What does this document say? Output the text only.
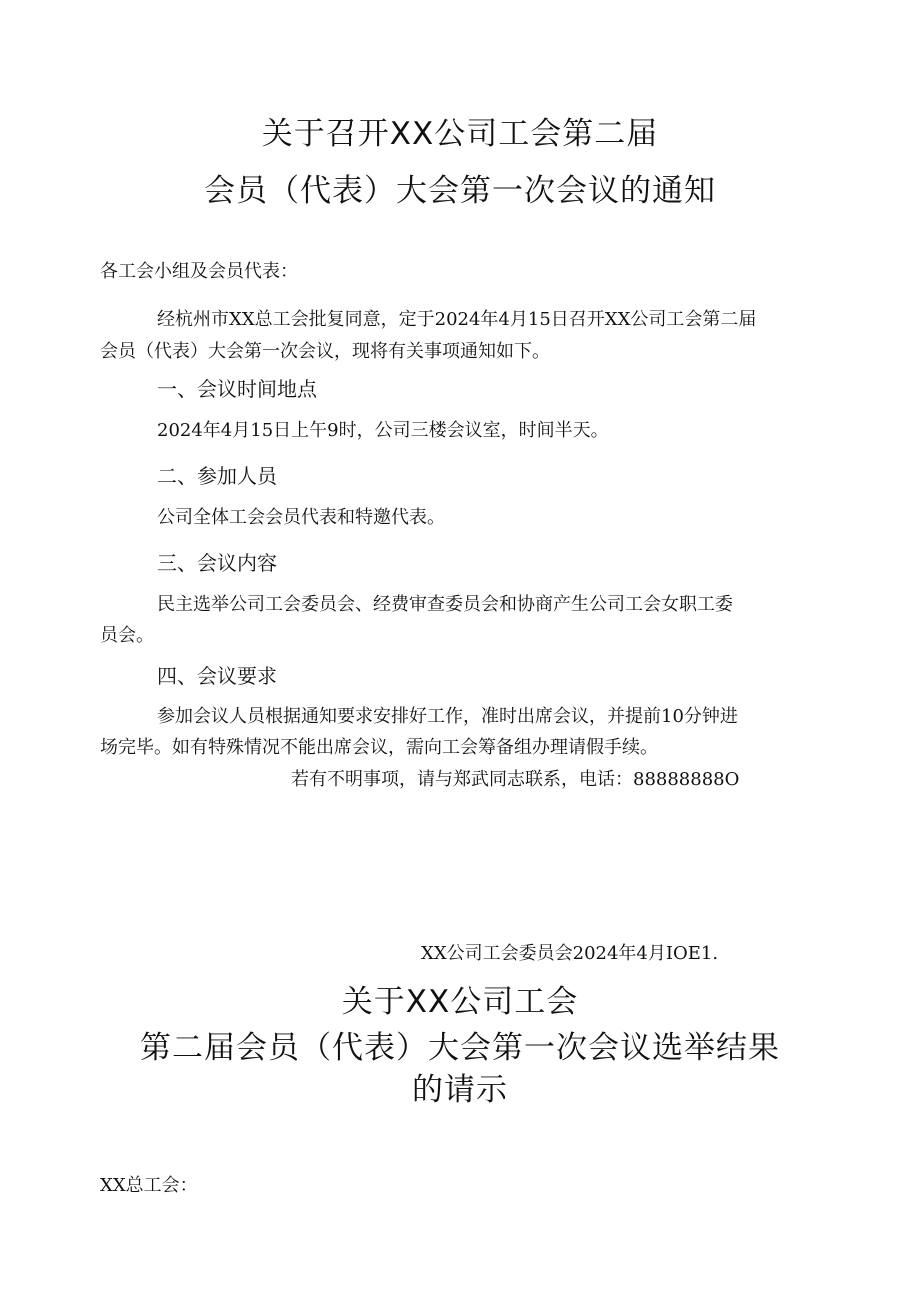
关于召开XX公司工会第二届
会员（代表）大会第一次会议的通知
各工会小组及会员代表：
经杭州市XX总工会批复同意，定于2024年4月15日召开XX公司工会第二届
会员（代表）大会第一次会议，现将有关事项通知如下。
一、会议时间地点
2024年4月15日上午9时，公司三楼会议室，时间半天。
二、参加人员
公司全体工会会员代表和特邀代表。
三、会议内容
民主选举公司工会委员会、经费审查委员会和协商产生公司工会女职工委
员会。
四、会议要求
参加会议人员根据通知要求安排好工作，准时出席会议，并提前10分钟进
场完毕。如有特殊情况不能出席会议，需向工会筹备组办理请假手续。
若有不明事项，请与郑武同志联系，电话：88888888O
XX公司工会委员会2024年4月IOE1.
关于XX公司工会
第二届会员（代表）大会第一次会议选举结果
的请示
XX总工会：
